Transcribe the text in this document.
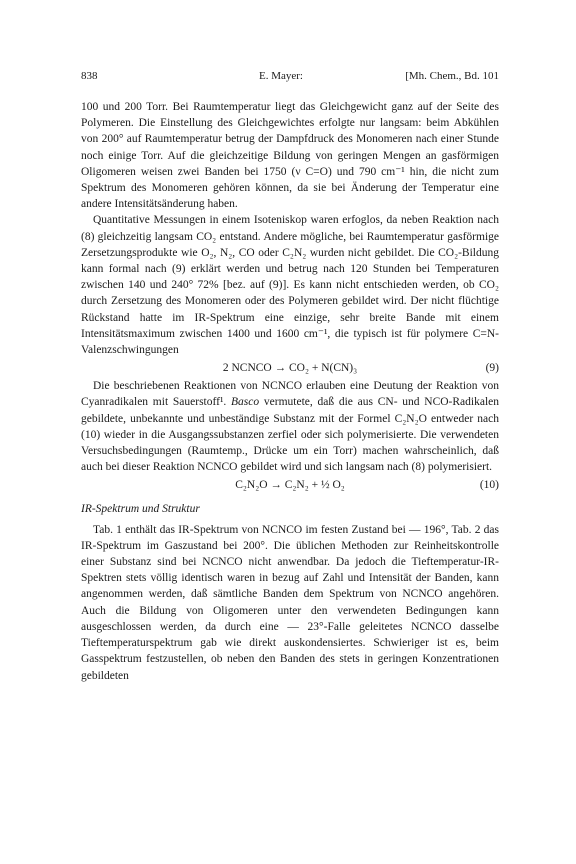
838	E. Mayer:	[Mh. Chem., Bd. 101

100 und 200 Torr. Bei Raumtemperatur liegt das Gleichgewicht ganz auf der Seite des Polymeren. Die Einstellung des Gleichgewichtes erfolgte nur langsam: beim Abkühlen von 200° auf Raumtemperatur betrug der Dampfdruck des Monomeren nach einer Stunde noch einige Torr. Auf die gleichzeitige Bildung von geringen Mengen an gasförmigen Oligomeren weisen zwei Banden bei 1750 (ν C=O) und 790 cm⁻¹ hin, die nicht zum Spektrum des Monomeren gehören können, da sie bei Änderung der Temperatur eine andere Intensitätsänderung haben.

Quantitative Messungen in einem Isoteniskop waren erfoglos, da neben Reaktion nach (8) gleichzeitig langsam CO₂ entstand. Andere mögliche, bei Raumtemperatur gasförmige Zersetzungsprodukte wie O₂, N₂, CO oder C₂N₂ wurden nicht gebildet. Die CO₂-Bildung kann formal nach (9) erklärt werden und betrug nach 120 Stunden bei Temperaturen zwischen 140 und 240° 72% [bez. auf (9)]. Es kann nicht entschieden werden, ob CO₂ durch Zersetzung des Monomeren oder des Polymeren gebildet wird. Der nicht flüchtige Rückstand hatte im IR-Spektrum eine einzige, sehr breite Bande mit einem Intensitätsmaximum zwischen 1400 und 1600 cm⁻¹, die typisch ist für polymere C=N-Valenzschwingungen

2 NCNCO → CO₂ + N(CN)₃	(9)

Die beschriebenen Reaktionen von NCNCO erlauben eine Deutung der Reaktion von Cyanradikalen mit Sauerstoff¹. Basco vermutete, daß die aus CN- und NCO-Radikalen gebildete, unbekannte und unbeständige Substanz mit der Formel C₂N₂O entweder nach (10) wieder in die Ausgangssubstanzen zerfiel oder sich polymerisierte. Die verwendeten Versuchsbedingungen (Raumtemp., Drücke um ein Torr) machen wahrscheinlich, daß auch bei dieser Reaktion NCNCO gebildet wird und sich langsam nach (8) polymerisiert.

C₂N₂O → C₂N₂ + ½ O₂	(10)
IR-Spektrum und Struktur

Tab. 1 enthält das IR-Spektrum von NCNCO im festen Zustand bei — 196°, Tab. 2 das IR-Spektrum im Gaszustand bei 200°. Die üblichen Methoden zur Reinheitskontrolle einer Substanz sind bei NCNCO nicht anwendbar. Da jedoch die Tieftemperatur-IR-Spektren stets völlig identisch waren in bezug auf Zahl und Intensität der Banden, kann angenommen werden, daß sämtliche Banden dem Spektrum von NCNCO angehören. Auch die Bildung von Oligomeren unter den verwendeten Bedingungen kann ausgeschlossen werden, da durch eine — 23°-Falle geleitetes NCNCO dasselbe Tieftemperaturspektrum gab wie direkt auskondensiertes. Schwieriger ist es, beim Gasspektrum festzustellen, ob neben den Banden des stets in geringen Konzentrationen gebildeten
